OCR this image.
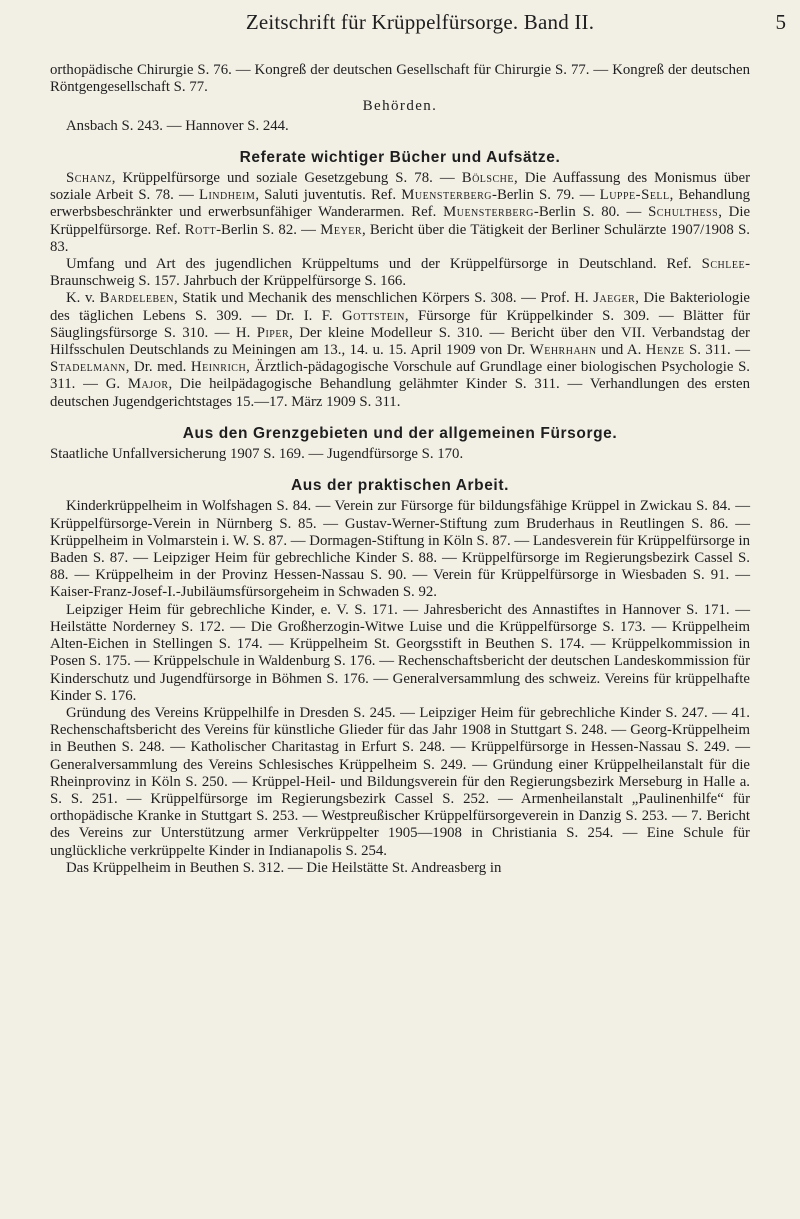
Zeitschrift für Krüppelfürsorge. Band II.	5

orthopädische Chirurgie S. 76. — Kongreß der deutschen Gesellschaft für Chirurgie S. 77. — Kongreß der deutschen Röntgengesellschaft S. 77.

Behörden.

Ansbach S. 243. — Hannover S. 244.

Referate wichtiger Bücher und Aufsätze.

Schanz, Krüppelfürsorge und soziale Gesetzgebung S. 78. — Bölsche, Die Auffassung des Monismus über soziale Arbeit S. 78. — Lindheim, Saluti juventutis. Ref. Muensterberg-Berlin S. 79. — Luppe-Sell, Behandlung erwerbsbeschränkter und erwerbsunfähiger Wanderarmen. Ref. Muensterberg-Berlin S. 80. — Schulthess, Die Krüppelfürsorge. Ref. Rott-Berlin S. 82. — Meyer, Bericht über die Tätigkeit der Berliner Schulärzte 1907/1908 S. 83.

Umfang und Art des jugendlichen Krüppeltums und der Krüppelfürsorge in Deutschland. Ref. Schlee-Braunschweig S. 157. Jahrbuch der Krüppelfürsorge S. 166.

K. v. Bardeleben, Statik und Mechanik des menschlichen Körpers S. 308. — Prof. H. Jaeger, Die Bakteriologie des täglichen Lebens S. 309. — Dr. I. F. Gottstein, Fürsorge für Krüppelkinder S. 309. — Blätter für Säuglingsfürsorge S. 310. — H. Piper, Der kleine Modelleur S. 310. — Bericht über den VII. Verbandstag der Hilfsschulen Deutschlands zu Meiningen am 13., 14. u. 15. April 1909 von Dr. Wehrhahn und A. Henze S. 311. — Stadelmann, Dr. med. Heinrich, Ärztlich-pädagogische Vorschule auf Grundlage einer biologischen Psychologie S. 311. — G. Major, Die heilpädagogische Behandlung gelähmter Kinder S. 311. — Verhandlungen des ersten deutschen Jugendgerichtstages 15.—17. März 1909 S. 311.

Aus den Grenzgebieten und der allgemeinen Fürsorge.

Staatliche Unfallversicherung 1907 S. 169. — Jugendfürsorge S. 170.

Aus der praktischen Arbeit.

Kinderkrüppelheim in Wolfshagen S. 84. — Verein zur Fürsorge für bildungsfähige Krüppel in Zwickau S. 84. — Krüppelfürsorge-Verein in Nürnberg S. 85. — Gustav-Werner-Stiftung zum Bruderhaus in Reutlingen S. 86. — Krüppelheim in Volmarstein i. W. S. 87. — Dormagen-Stiftung in Köln S. 87. — Landesverein für Krüppelfürsorge in Baden S. 87. — Leipziger Heim für gebrechliche Kinder S. 88. — Krüppelfürsorge im Regierungsbezirk Cassel S. 88. — Krüppelheim in der Provinz Hessen-Nassau S. 90. — Verein für Krüppelfürsorge in Wiesbaden S. 91. — Kaiser-Franz-Josef-I.-Jubiläumsfürsorgeheim in Schwaden S. 92.

Leipziger Heim für gebrechliche Kinder, e. V. S. 171. — Jahresbericht des Annastiftes in Hannover S. 171. — Heilstätte Norderney S. 172. — Die Großherzogin-Witwe Luise und die Krüppelfürsorge S. 173. — Krüppelheim Alten-Eichen in Stellingen S. 174. — Krüppelheim St. Georgsstift in Beuthen S. 174. — Krüppelkommission in Posen S. 175. — Krüppelschule in Waldenburg S. 176. — Rechenschaftsbericht der deutschen Landeskommission für Kinderschutz und Jugendfürsorge in Böhmen S. 176. — Generalversammlung des schweiz. Vereins für krüppelhafte Kinder S. 176.

Gründung des Vereins Krüppelhilfe in Dresden S. 245. — Leipziger Heim für gebrechliche Kinder S. 247. — 41. Rechenschaftsbericht des Vereins für künstliche Glieder für das Jahr 1908 in Stuttgart S. 248. — Georg-Krüppelheim in Beuthen S. 248. — Katholischer Charitastag in Erfurt S. 248. — Krüppelfürsorge in Hessen-Nassau S. 249. — Generalversammlung des Vereins Schlesisches Krüppelheim S. 249. — Gründung einer Krüppelheilanstalt für die Rheinprovinz in Köln S. 250. — Krüppel-Heil- und Bildungsverein für den Regierungsbezirk Merseburg in Halle a. S. S. 251. — Krüppelfürsorge im Regierungsbezirk Cassel S. 252. — Armenheilanstalt „Paulinenhilfe“ für orthopädische Kranke in Stuttgart S. 253. — Westpreußischer Krüppelfürsorgeverein in Danzig S. 253. — 7. Bericht des Vereins zur Unterstützung armer Verkrüppelter 1905—1908 in Christiania S. 254. — Eine Schule für unglückliche verkrüppelte Kinder in Indianapolis S. 254.

Das Krüppelheim in Beuthen S. 312. — Die Heilstätte St. Andreasberg in
